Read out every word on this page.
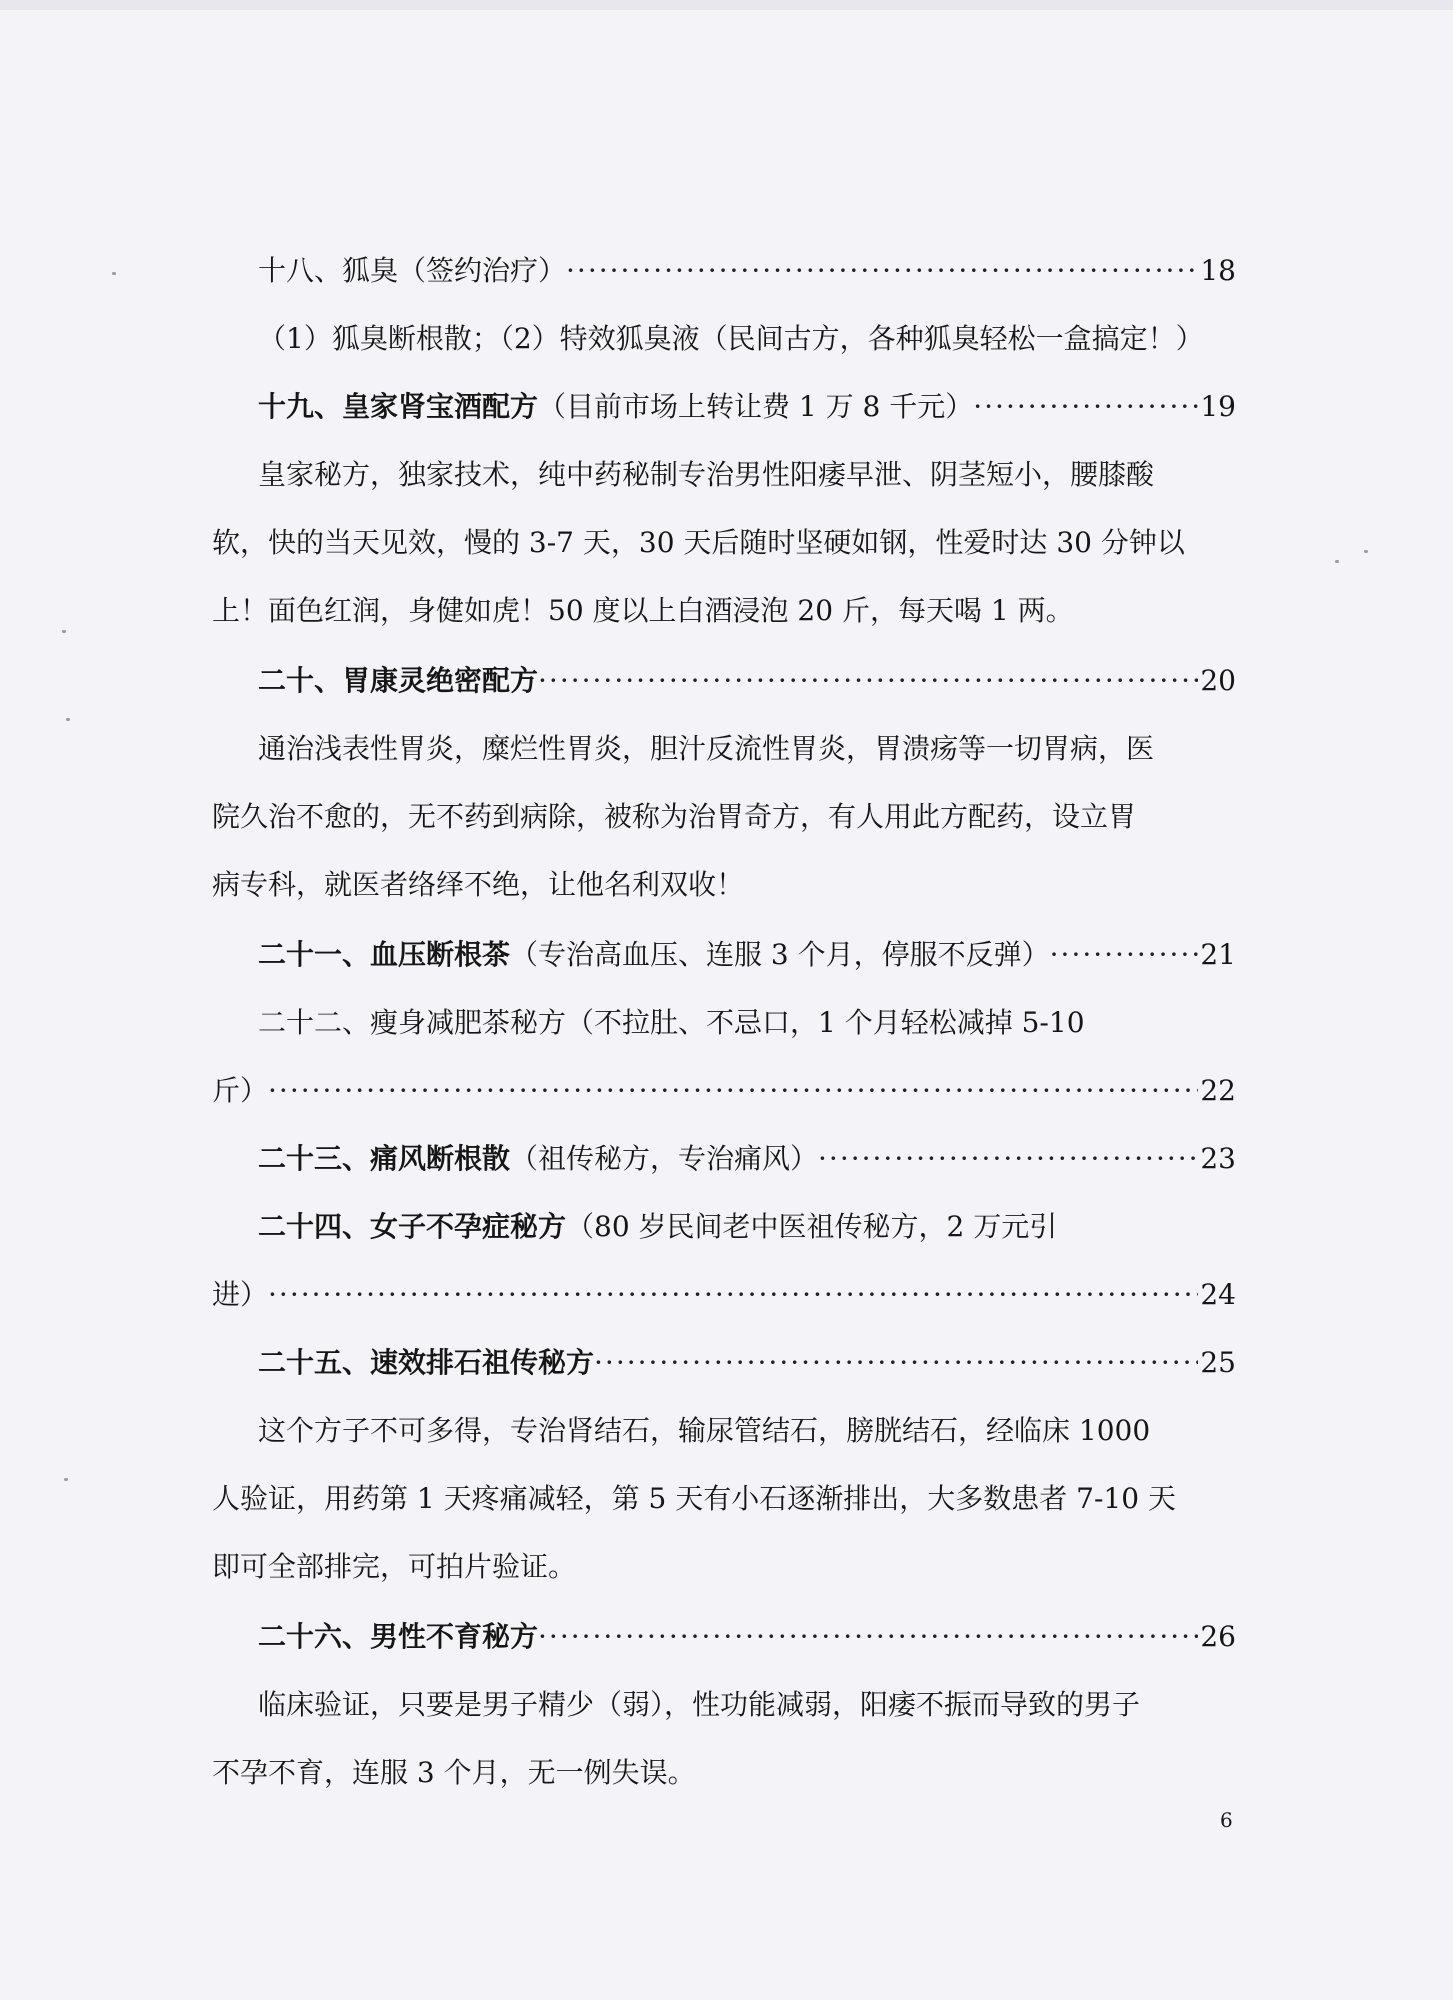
十八、狐臭（签约治疗） ·····	18
（1）狐臭断根散；（2）特效狐臭液（民间古方，各种狐臭轻松一盒搞定！）
十九、皇家肾宝酒配方 （目前市场上转让费 1 万 8 千元） ·····	19
皇家秘方，独家技术，纯中药秘制专治男性阳痿早泄、阴茎短小，腰膝酸
软，快的当天见效，慢的 3-7 天，30 天后随时坚硬如钢，性爱时达 30 分钟以
上！面色红润，身健如虎！50 度以上白酒浸泡 20 斤，每天喝 1 两。
二十、胃康灵绝密配方 ·····	20
通治浅表性胃炎，糜烂性胃炎，胆汁反流性胃炎，胃溃疡等一切胃病，医
院久治不愈的，无不药到病除，被称为治胃奇方，有人用此方配药，设立胃
病专科，就医者络绎不绝，让他名利双收！
二十一、血压断根茶 （专治高血压、连服 3 个月，停服不反弹） ·····	21
二十二、瘦身减肥茶秘方（不拉肚、不忌口，1 个月轻松减掉 5-10
斤） ·····	22
二十三、痛风断根散 （祖传秘方，专治痛风） ·····	23
二十四、女子不孕症秘方（80 岁民间老中医祖传秘方，2 万元引
进） ·····	24
二十五、速效排石祖传秘方 ·····	25
这个方子不可多得，专治肾结石，输尿管结石，膀胱结石，经临床 1000
人验证，用药第 1 天疼痛减轻，第 5 天有小石逐渐排出，大多数患者 7-10 天
即可全部排完，可拍片验证。
二十六、男性不育秘方 ·····	26
临床验证，只要是男子精少（弱），性功能减弱，阳痿不振而导致的男子
不孕不育，连服 3 个月，无一例失误。
6
